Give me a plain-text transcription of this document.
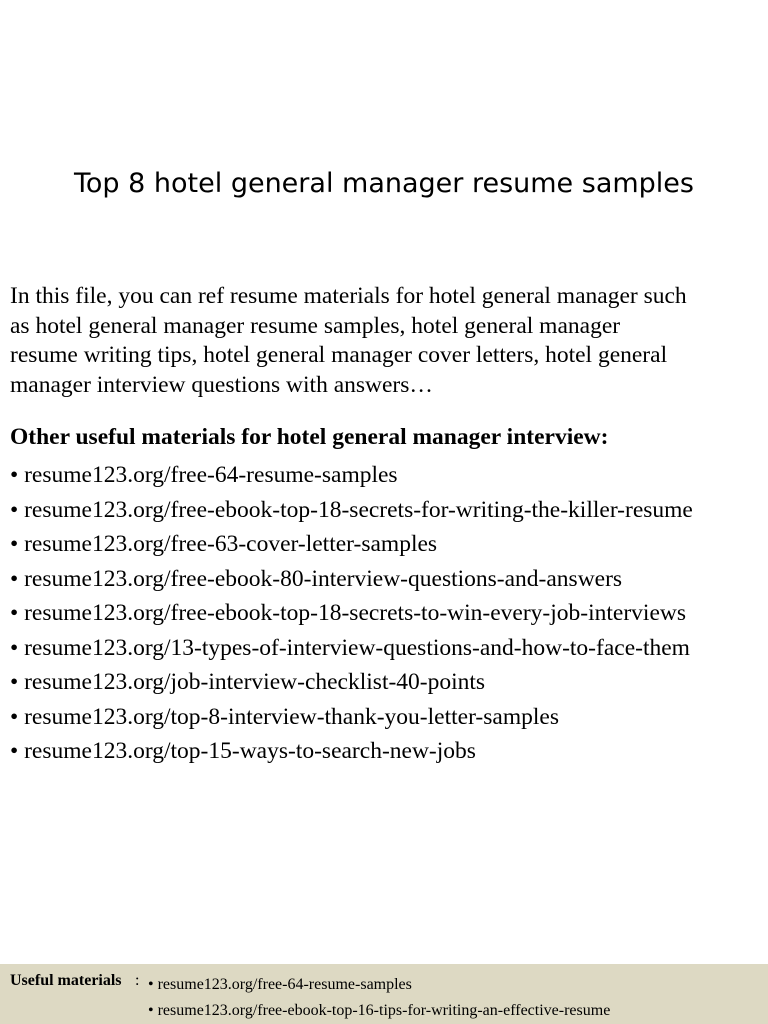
Top 8 hotel general manager resume samples
In this file, you can ref resume materials for hotel general manager such
as hotel general manager resume samples, hotel general manager
resume writing tips, hotel general manager cover letters, hotel general
manager interview questions with answers…
Other useful materials for hotel general manager interview:
• resume123.org/free-64-resume-samples
• resume123.org/free-ebook-top-18-secrets-for-writing-the-killer-resume
• resume123.org/free-63-cover-letter-samples
• resume123.org/free-ebook-80-interview-questions-and-answers
• resume123.org/free-ebook-top-18-secrets-to-win-every-job-interviews
• resume123.org/13-types-of-interview-questions-and-how-to-face-them
• resume123.org/job-interview-checklist-40-points
• resume123.org/top-8-interview-thank-you-letter-samples
• resume123.org/top-15-ways-to-search-new-jobs
Useful materials : • resume123.org/free-64-resume-samples
• resume123.org/free-ebook-top-16-tips-for-writing-an-effective-resume
